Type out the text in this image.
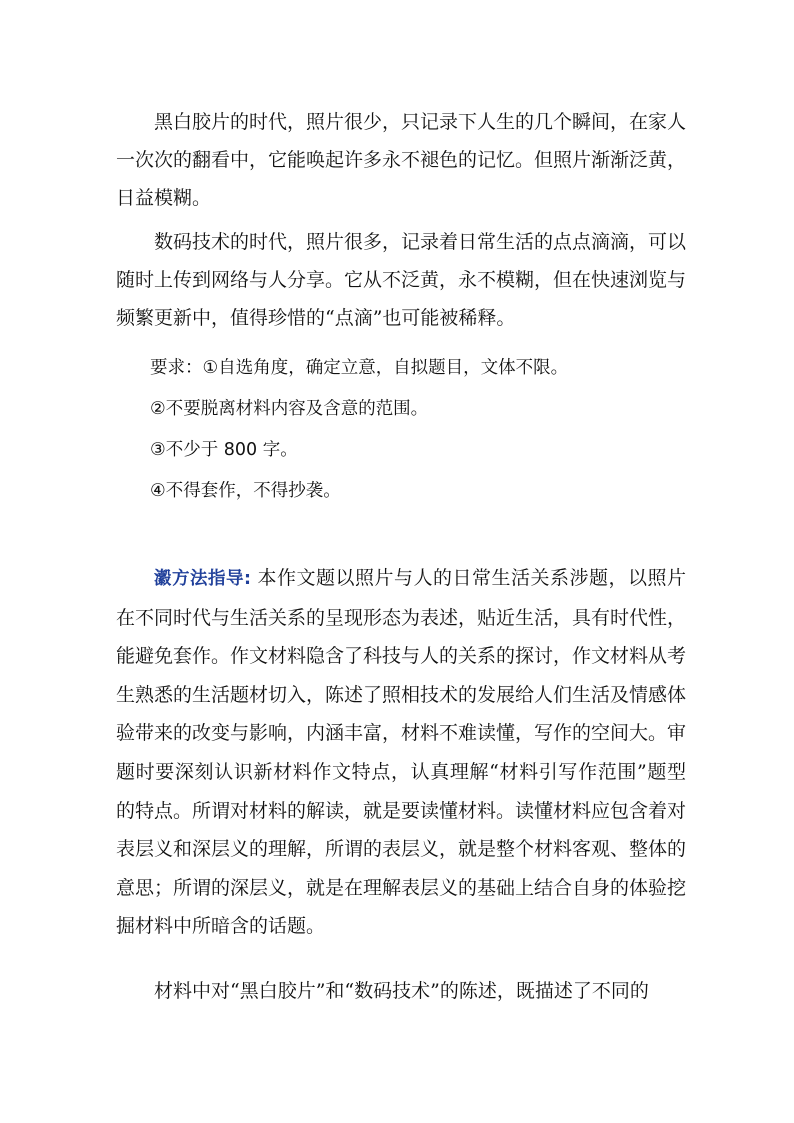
黑白胶片的时代，照片很少，只记录下人生的几个瞬间，在家人一次次的翻看中，它能唤起许多永不褪色的记忆。但照片渐渐泛黄，日益模糊。

数码技术的时代，照片很多，记录着日常生活的点点滴滴，可以随时上传到网络与人分享。它从不泛黄，永不模糊，但在快速浏览与频繁更新中，值得珍惜的“点滴”也可能被稀释。

要求：①自选角度，确定立意，自拟题目，文体不限。

②不要脱离材料内容及含意的范围。

③不少于 800 字。

④不得套作，不得抄袭。

瀫方法指导: 本作文题以照片与人的日常生活关系涉题，以照片在不同时代与生活关系的呈现形态为表述，贴近生活，具有时代性，能避免套作。作文材料隐含了科技与人的关系的探讨，作文材料从考生熟悉的生活题材切入，陈述了照相技术的发展给人们生活及情感体验带来的改变与影响，内涵丰富，材料不难读懂，写作的空间大。审题时要深刻认识新材料作文特点，认真理解“材料引写作范围”题型的特点。所谓对材料的解读，就是要读懂材料。读懂材料应包含着对表层义和深层义的理解，所谓的表层义，就是整个材料客观、整体的意思；所谓的深层义，就是在理解表层义的基础上结合自身的体验挖掘材料中所暗含的话题。

材料中对“黑白胶片”和“数码技术”的陈述，既描述了不同的
